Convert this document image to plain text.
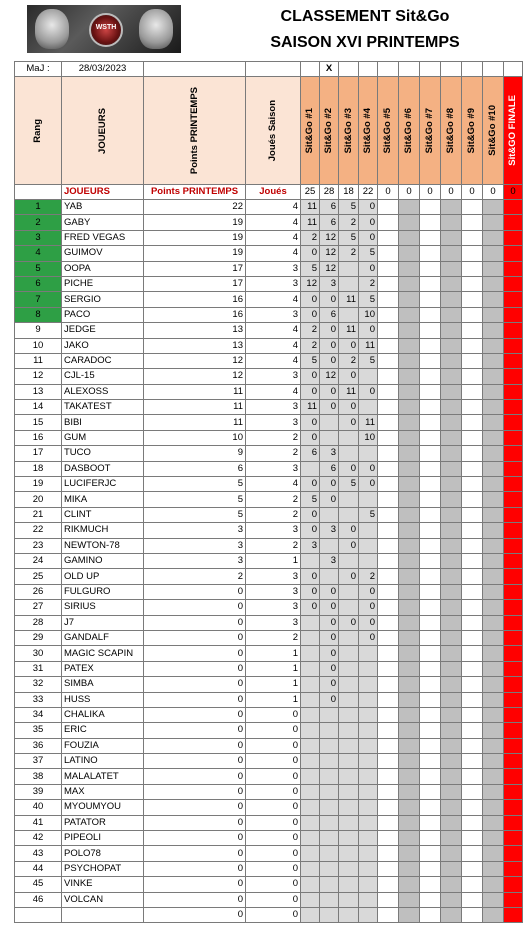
WSTH
CLASSEMENT Sit&Go
SAISON XVI PRINTEMPS
MaJ :	28/03/2023				X									

Rang	JOUEURS	Points PRINTEMPS	Joués Saison	Sit&Go #1	Sit&Go #2	Sit&Go #3	Sit&Go #4	Sit&Go #5	Sit&Go #6	Sit&Go #7	Sit&Go #8	Sit&Go #9	Sit&Go #10	Sit&GO FINALE

	JOUEURS	Points PRINTEMPS	Joués	25	28	18	22	0	0	0	0	0	0	0
1	YAB	22	4	11	6	5	0							
2	GABY	19	4	11	6	2	0							
3	FRED VEGAS	19	4	2	12	5	0							
4	GUIMOV	19	4	0	12	2	5							
5	OOPA	17	3	5	12		0							
6	PICHE	17	3	12	3		2							
7	SERGIO	16	4	0	0	11	5							
8	PACO	16	3	0	6		10							
9	JEDGE	13	4	2	0	11	0							
10	JAKO	13	4	2	0	0	11							
11	CARADOC	12	4	5	0	2	5							
12	CJL-15	12	3	0	12	0								
13	ALEXOSS	11	4	0	0	11	0							
14	TAKATEST	11	3	11	0	0								
15	BIBI	11	3	0		0	11							
16	GUM	10	2	0			10							
17	TUCO	9	2	6	3									
18	DASBOOT	6	3		6	0	0							
19	LUCIFERJC	5	4	0	0	5	0							
20	MIKA	5	2	5	0									
21	CLINT	5	2	0			5							
22	RIKMUCH	3	3	0	3	0								
23	NEWTON-78	3	2	3		0								
24	GAMINO	3	1		3									
25	OLD UP	2	3	0		0	2							
26	FULGURO	0	3	0	0		0							
27	SIRIUS	0	3	0	0		0							
28	J7	0	3		0	0	0							
29	GANDALF	0	2		0		0							
30	MAGIC SCAPIN	0	1		0									
31	PATEX	0	1		0									
32	SIMBA	0	1		0									
33	HUSS	0	1		0									
34	CHALIKA	0	0											
35	ERIC	0	0											
36	FOUZIA	0	0											
37	LATINO	0	0											
38	MALALATET	0	0											
39	MAX	0	0											
40	MYOUMYOU	0	0											
41	PATATOR	0	0											
42	PIPEOLI	0	0											
43	POLO78	0	0											
44	PSYCHOPAT	0	0											
45	VINKE	0	0											
46	VOLCAN	0	0											
		0	0											
